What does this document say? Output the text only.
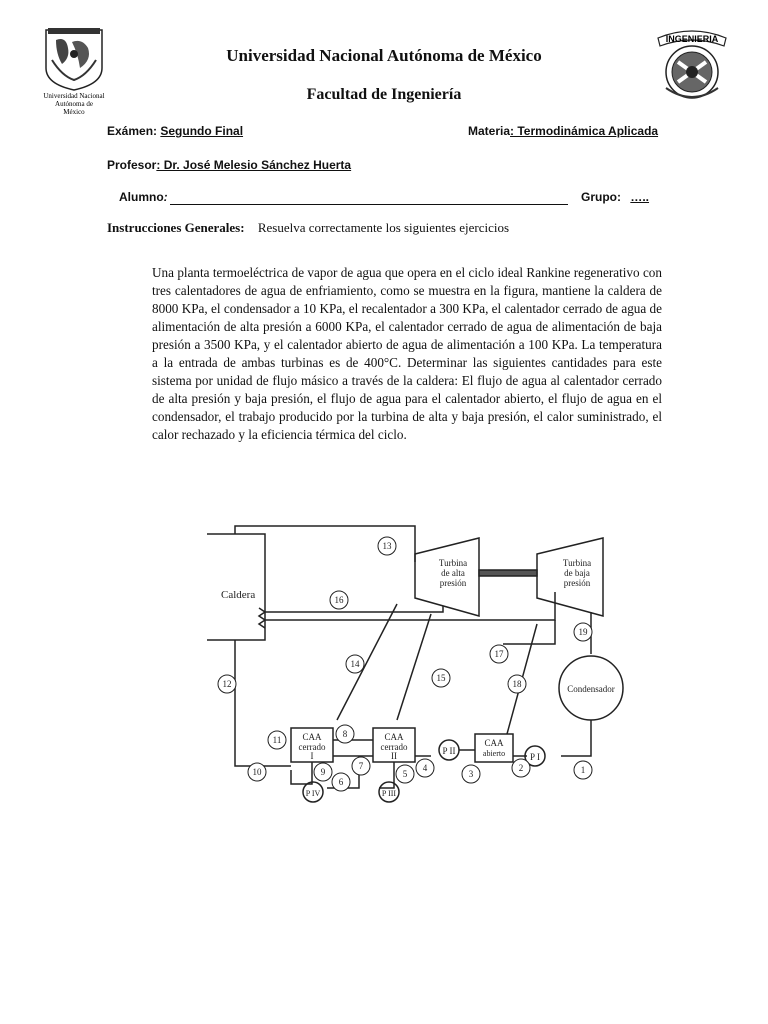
Universidad Nacional
Autónoma de
México
INGENIERIA
Universidad Nacional Autónoma de México
Facultad de Ingeniería
Exámen: Segundo Final	Materia: Termodinámica Aplicada
Profesor: Dr. José Melesio Sánchez Huerta
Alumno:	Grupo: …..
Instrucciones Generales: Resuelva correctamente los siguientes ejercicios
Una planta termoeléctrica de vapor de agua que opera en el ciclo ideal Rankine regenerativo con tres calentadores de agua de enfriamiento, como se muestra en la figura, mantiene la caldera de 8000 KPa, el condensador a 10 KPa, el recalentador a 300 KPa, el calentador cerrado de agua de alimentación de alta presión a 6000 KPa, el calentador cerrado de agua de alimentación de baja presión a 3500 KPa, y el calentador abierto de agua de alimentación a 100 KPa. La temperatura a la entrada de ambas turbinas es de 400°C. Determinar las siguientes cantidades para este sistema por unidad de flujo másico a través de la caldera: El flujo de agua al calentador cerrado de alta presión y baja presión, el flujo de agua para el calentador abierto, el flujo de agua en el condensador, el trabajo producido por la turbina de alta y baja presión, el calor suministrado, el calor rechazado y la eficiencia térmica del ciclo.
Caldera
Turbina
de alta
presión
Turbina
de baja
presión
Condensador
CAA
cerrado
I
CAA
cerrado
II
CAA
abierto	P I
P II
P III
P IV
13
16
19
17
14
15
18
12
11
8
7
10	9
6
5
4
3
2	1
